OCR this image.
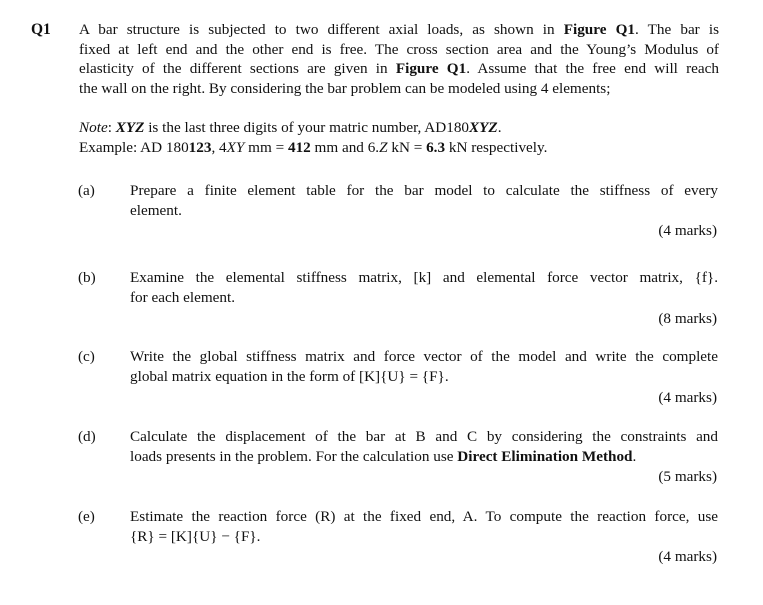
Q1 A bar structure is subjected to two different axial loads, as shown in Figure Q1. The bar is
fixed at left end and the other end is free. The cross section area and the Young’s Modulus of
elasticity of the different sections are given in Figure Q1. Assume that the free end will reach
the wall on the right. By considering the bar problem can be modeled using 4 elements;
Note: XYZ is the last three digits of your matric number, AD180XYZ.
Example: AD 180123, 4XY mm = 412 mm and 6.Z kN = 6.3 kN respectively.
(a)	Prepare a finite element table for the bar model to calculate the stiffness of every
element.
(4 marks)
(b)	Examine the elemental stiffness matrix, [k] and elemental force vector matrix, {f}.
for each element.
(8 marks)
(c)	Write the global stiffness matrix and force vector of the model and write the complete
global matrix equation in the form of [K]{U} = {F}.
(4 marks)
(d)	Calculate the displacement of the bar at B and C by considering the constraints and
loads presents in the problem. For the calculation use Direct Elimination Method.
(5 marks)
(e)	Estimate the reaction force (R) at the fixed end, A. To compute the reaction force, use
{R} = [K]{U} − {F}.
(4 marks)
